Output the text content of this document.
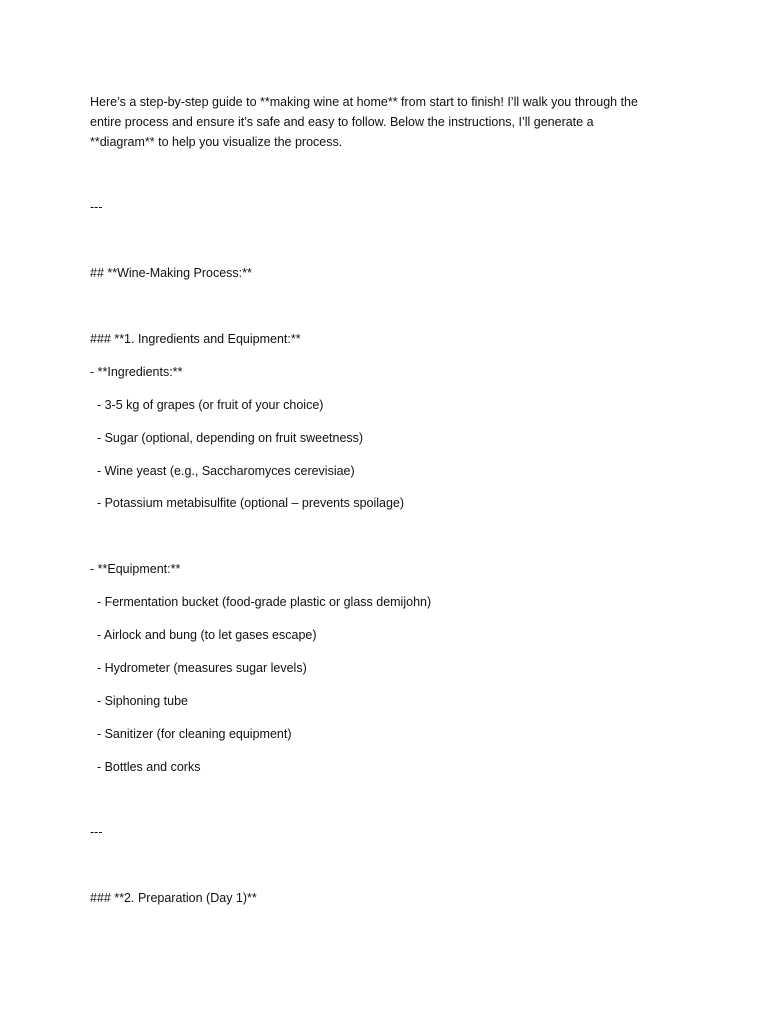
Here’s a step-by-step guide to **making wine at home** from start to finish! I’ll walk you through the
entire process and ensure it’s safe and easy to follow. Below the instructions, I’ll generate a
**diagram** to help you visualize the process.
---
## **Wine-Making Process:**
### **1. Ingredients and Equipment:**
- **Ingredients:**
- 3-5 kg of grapes (or fruit of your choice)
- Sugar (optional, depending on fruit sweetness)
- Wine yeast (e.g., Saccharomyces cerevisiae)
- Potassium metabisulfite (optional – prevents spoilage)
- **Equipment:**
- Fermentation bucket (food-grade plastic or glass demijohn)
- Airlock and bung (to let gases escape)
- Hydrometer (measures sugar levels)
- Siphoning tube
- Sanitizer (for cleaning equipment)
- Bottles and corks
---
### **2. Preparation (Day 1)**
